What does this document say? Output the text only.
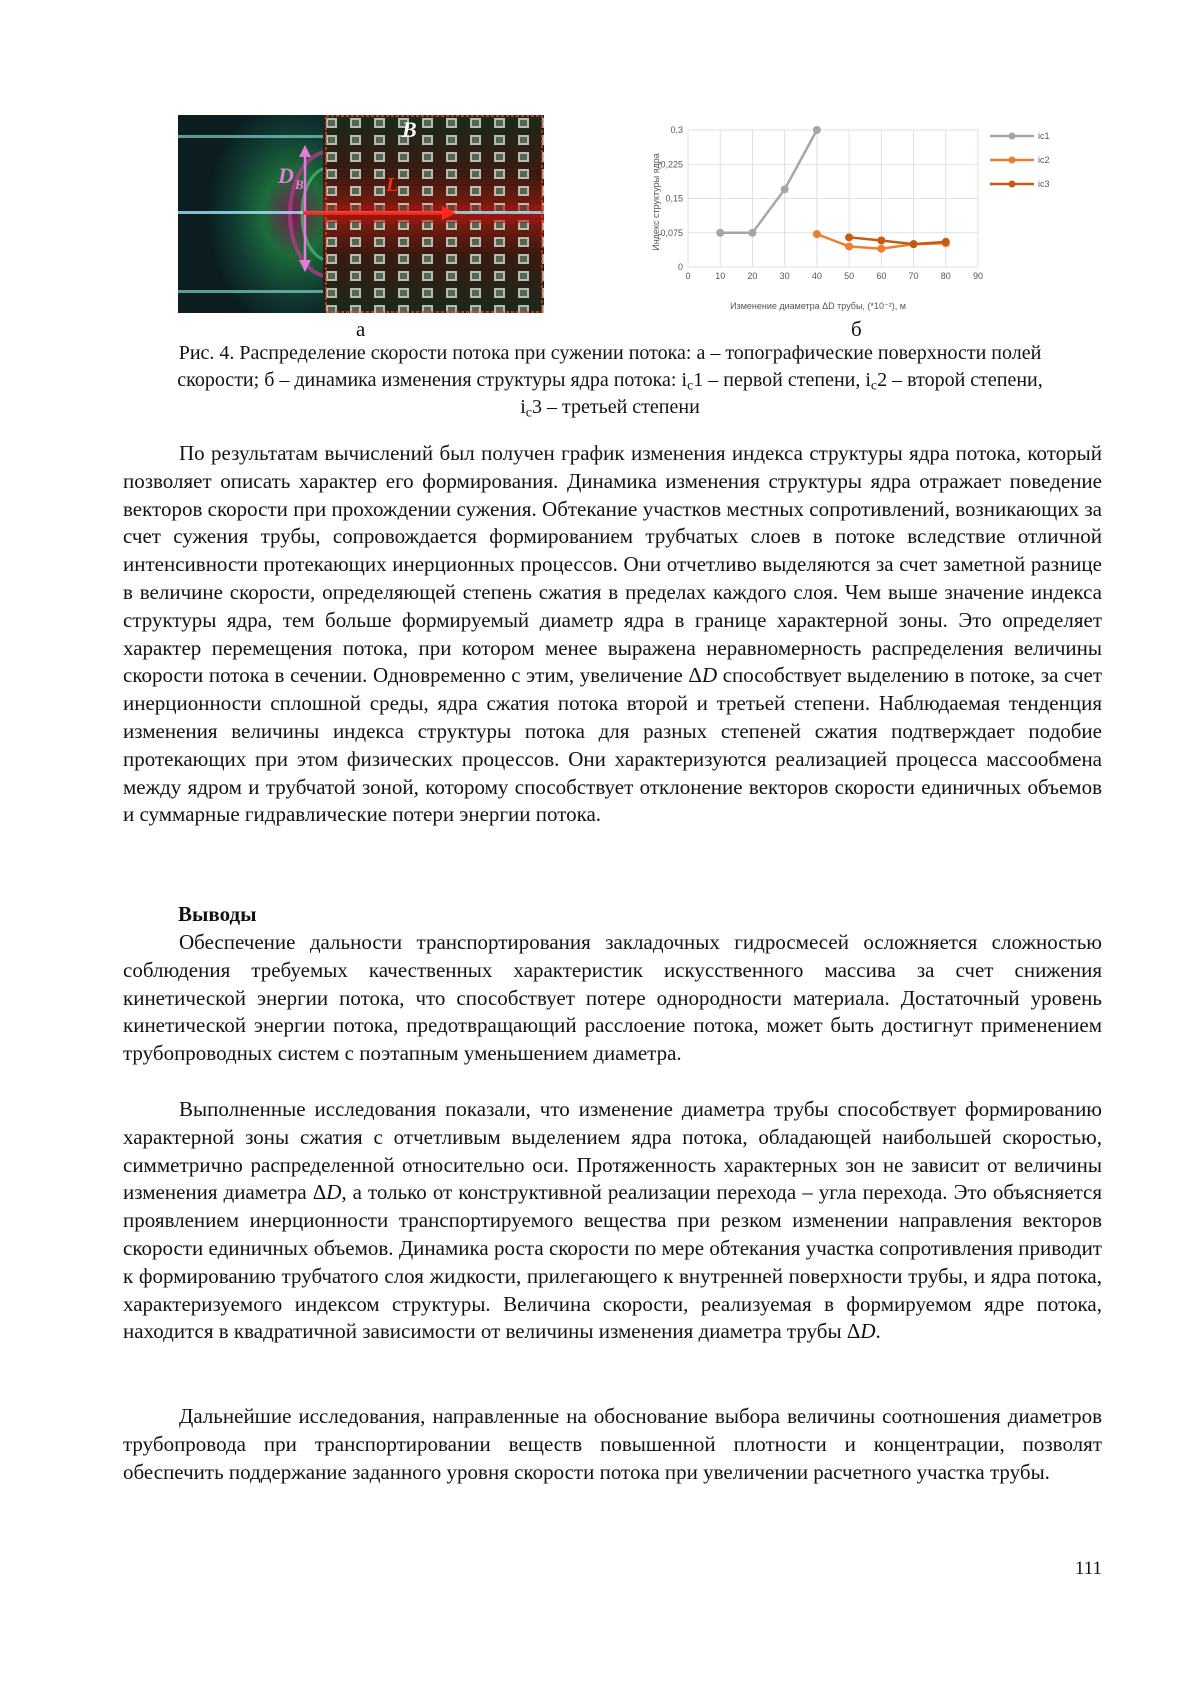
B
D B	L
0	10 20 30 40 50 60 70 80 90
0
0,075
0,15
0,225
0,3
Индекс структуры ядра
Изменение диаметра ΔD трубы, (*10⁻²), м
ic1
ic2
ic3
а	б
Рис. 4. Распределение скорости потока при сужении потока: а – топографические поверхности полей
скорости; б – динамика изменения структуры ядра потока: $i_c1$ – первой степени, $i_c2$ – второй степени,
$i_c3$ – третьей степени

По результатам вычислений был получен график изменения индекса структуры ядра потока, который позволяет описать характер его формирования. Динамика изменения структуры ядра отражает поведение векторов скорости при прохождении сужения. Обтекание участков местных сопротивлений, возникающих за счет сужения трубы, сопровождается формированием трубчатых слоев в потоке вследствие отличной интенсивности протекающих инерционных процессов. Они отчетливо выделяются за счет заметной разнице в величине скорости, определяющей степень сжатия в пределах каждого слоя. Чем выше значение индекса структуры ядра, тем больше формируемый диаметр ядра в границе характерной зоны. Это определяет характер перемещения потока, при котором менее выражена неравномерность распределения величины скорости потока в сечении. Одновременно с этим, увеличение ΔD способствует выделению в потоке, за счет инерционности сплошной среды, ядра сжатия потока второй и третьей степени. Наблюдаемая тенденция изменения величины индекса структуры потока для разных степеней сжатия подтверждает подобие протекающих при этом физических процессов. Они характеризуются реализацией процесса массообмена между ядром и трубчатой зоной, которому способствует отклонение векторов скорости единичных объемов и суммарные гидравлические потери энергии потока.

Выводы

Обеспечение дальности транспортирования закладочных гидросмесей осложняется сложностью соблюдения требуемых качественных характеристик искусственного массива за счет снижения кинетической энергии потока, что способствует потере однородности материала. Достаточный уровень кинетической энергии потока, предотвращающий расслоение потока, может быть достигнут применением трубопроводных систем с поэтапным уменьшением диаметра.

Выполненные исследования показали, что изменение диаметра трубы способствует формированию характерной зоны сжатия с отчетливым выделением ядра потока, обладающей наибольшей скоростью, симметрично распределенной относительно оси. Протяженность характерных зон не зависит от величины изменения диаметра ΔD, а только от конструктивной реализации перехода – угла перехода. Это объясняется проявлением инерционности транспортируемого вещества при резком изменении направления векторов скорости единичных объемов. Динамика роста скорости по мере обтекания участка сопротивления приводит к формированию трубчатого слоя жидкости, прилегающего к внутренней поверхности трубы, и ядра потока, характеризуемого индексом структуры. Величина скорости, реализуемая в формируемом ядре потока, находится в квадратичной зависимости от величины изменения диаметра трубы ΔD.

Дальнейшие исследования, направленные на обоснование выбора величины соотношения диаметров трубопровода при транспортировании веществ повышенной плотности и концентрации, позволят обеспечить поддержание заданного уровня скорости потока при увеличении расчетного участка трубы.

111
